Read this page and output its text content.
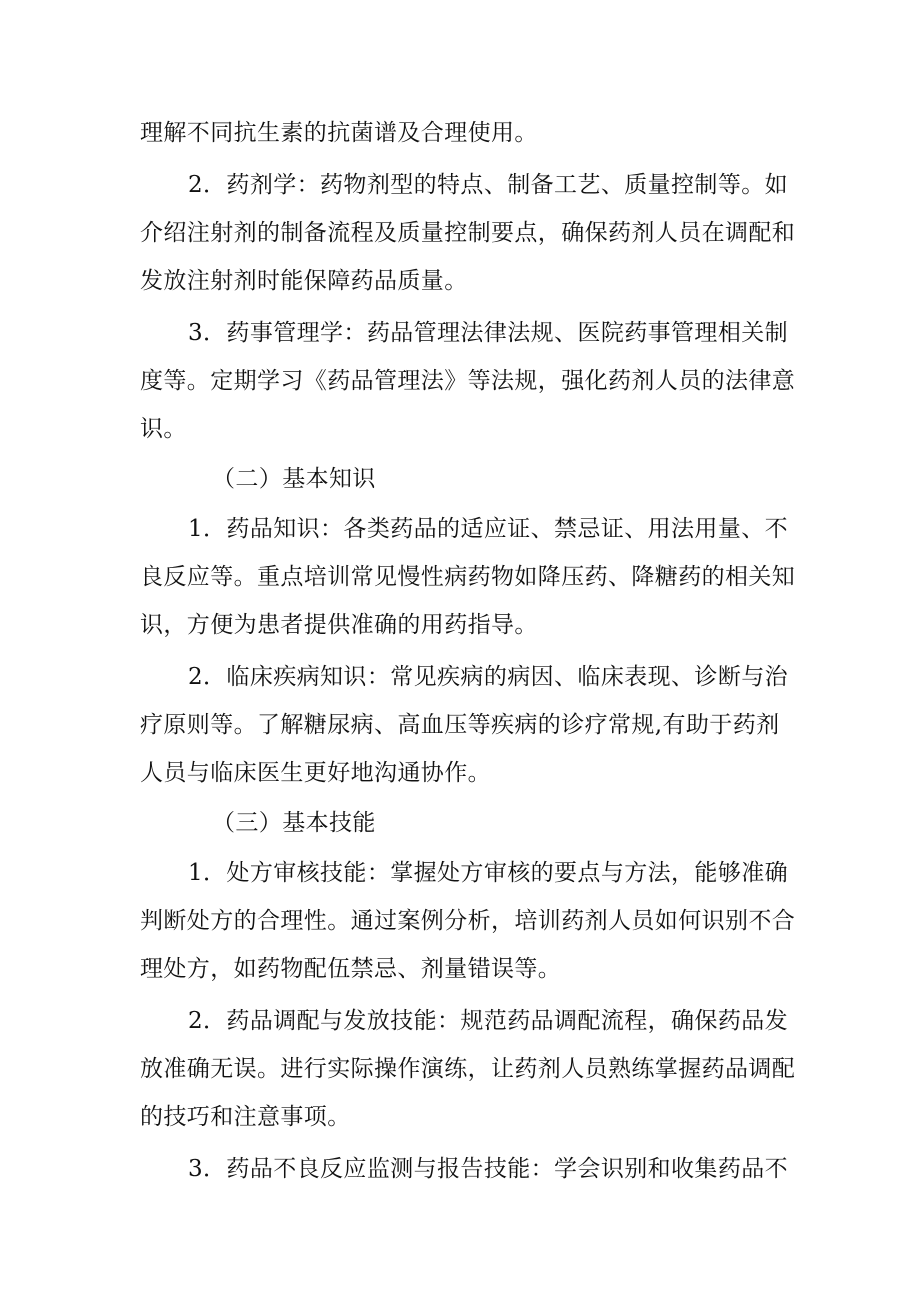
理解不同抗生素的抗菌谱及合理使用。

2．药剂学：药物剂型的特点、制备工艺、质量控制等。如

介绍注射剂的制备流程及质量控制要点，确保药剂人员在调配和

发放注射剂时能保障药品质量。

3．药事管理学：药品管理法律法规、医院药事管理相关制

度等。定期学习《药品管理法》等法规，强化药剂人员的法律意

识。

（二）基本知识

1．药品知识：各类药品的适应证、禁忌证、用法用量、不

良反应等。重点培训常见慢性病药物如降压药、降糖药的相关知

识，方便为患者提供准确的用药指导。

2．临床疾病知识：常见疾病的病因、临床表现、诊断与治

疗原则等。了解糖尿病、高血压等疾病的诊疗常规,有助于药剂

人员与临床医生更好地沟通协作。

（三）基本技能

1．处方审核技能：掌握处方审核的要点与方法，能够准确

判断处方的合理性。通过案例分析，培训药剂人员如何识别不合

理处方，如药物配伍禁忌、剂量错误等。

2．药品调配与发放技能：规范药品调配流程，确保药品发

放准确无误。进行实际操作演练，让药剂人员熟练掌握药品调配

的技巧和注意事项。

3．药品不良反应监测与报告技能：学会识别和收集药品不
